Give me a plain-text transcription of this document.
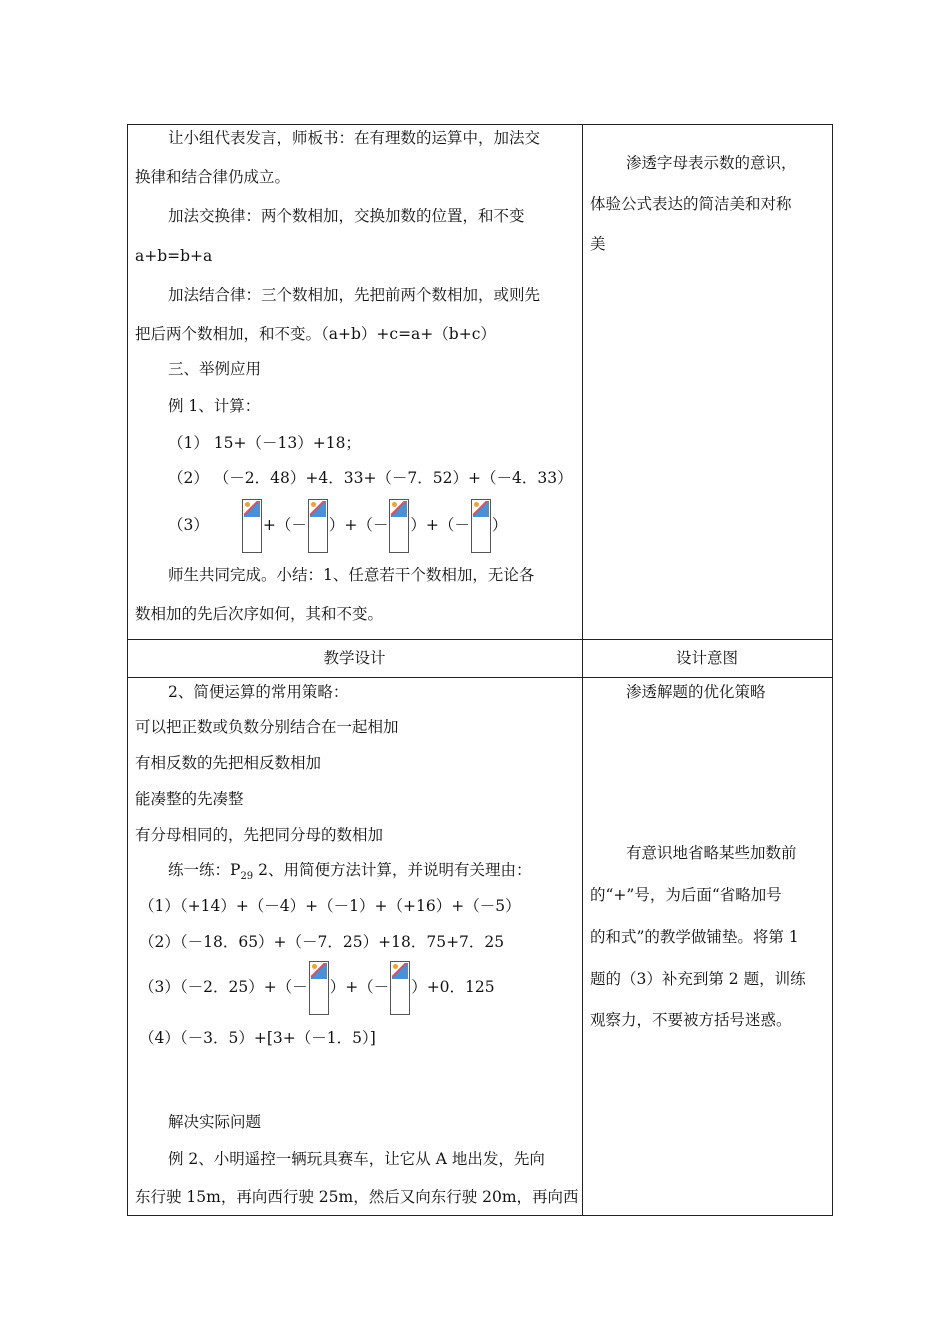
让小组代表发言，师板书：在有理数的运算中，加法交
换律和结合律仍成立。
加法交换律：两个数相加，交换加数的位置，和不变
a+b=b+a
加法结合律：三个数相加，先把前两个数相加，或则先
把后两个数相加，和不变。（a+b）+c=a+（b+c）
三、举例应用
例 1、计算：
（1） 15+（－13）+18；
（2） （－2．48）+4．33+（－7．52）+（－4．33）
（3）	+（－ ）+（－ ）+（－ ）
师生共同完成。小结：1、任意若干个数相加，无论各
数相加的先后次序如何，其和不变。
渗透字母表示数的意识，
体验公式表达的简洁美和对称
美
教学设计	设计意图
2、简便运算的常用策略：
可以把正数或负数分别结合在一起相加
有相反数的先把相反数相加
能凑整的先凑整
有分母相同的，先把同分母的数相加
练一练：$P_{29}$ 2、用简便方法计算，并说明有关理由：
（1）（+14）+（－4）+（－1）+（+16）+（－5）
（2）（－18．65）+（－7．25）+18．75+7．25
（3）（－2．25）+（－ ）+（－ ）+0．125
（4）（－3．5）+[3+（－1．5）]
解决实际问题
例 2、小明遥控一辆玩具赛车，让它从 A 地出发，先向
东行驶 15m，再向西行驶 25m，然后又向东行驶 20m，再向西
渗透解题的优化策略
有意识地省略某些加数前
的“+”号，为后面“省略加号
的和式”的教学做铺垫。将第 1
题的（3）补充到第 2 题，训练
观察力，不要被方括号迷惑。
